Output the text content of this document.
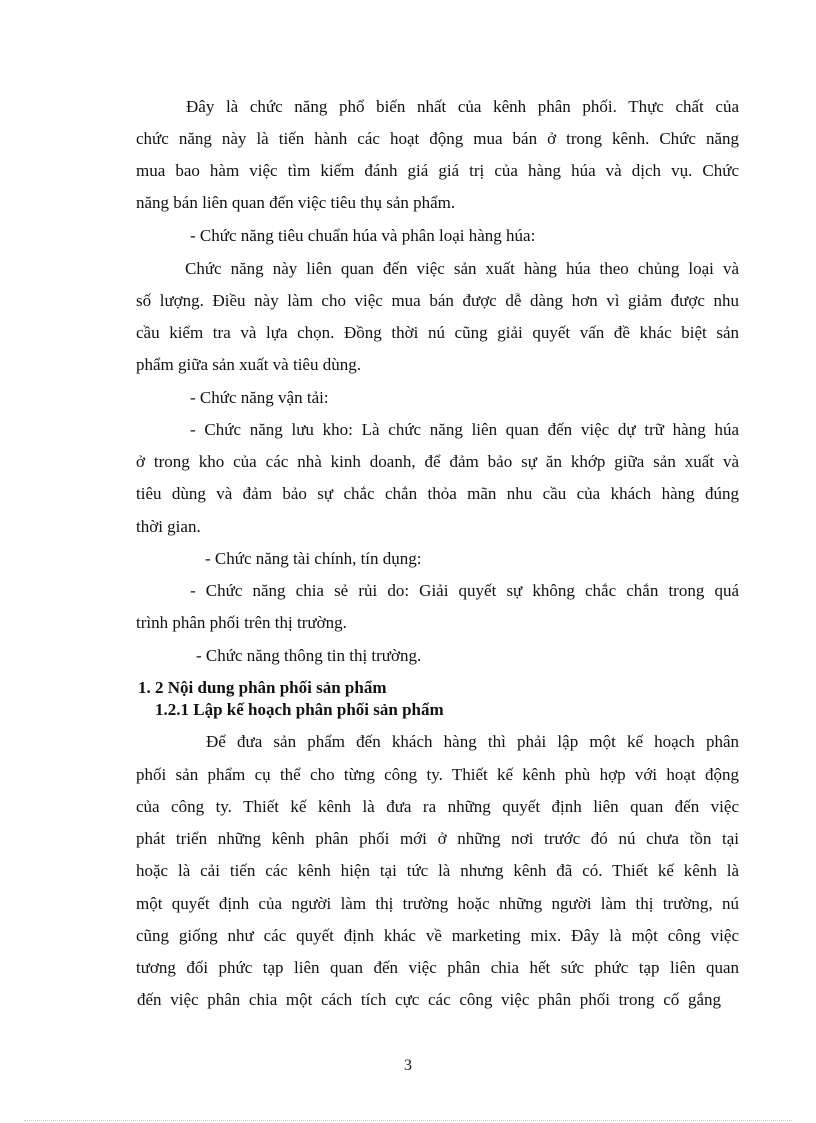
Đây là chức năng phổ biến nhất của kênh phân phối. Thực chất của
chức năng này là tiến hành các hoạt động mua bán ở trong kênh. Chức năng
mua bao hàm việc tìm kiếm đánh giá giá trị của hàng húa và dịch vụ. Chức
năng bán liên quan đến việc tiêu thụ sản phẩm.
- Chức năng tiêu chuẩn húa và phân loại hàng húa:
Chức năng này liên quan đến việc sản xuất hàng húa theo chủng loại và
số lượng. Điều này làm cho việc mua bán được dễ dàng hơn vì giảm được nhu
cầu kiểm tra và lựa chọn. Đồng thời nú cũng giải quyết vấn đề khác biệt sản
phẩm giữa sản xuất và tiêu dùng.
- Chức năng vận tải:
- Chức năng lưu kho: Là chức năng liên quan đến việc dự trữ hàng húa
ở trong kho của các nhà kinh doanh, để đảm bảo sự ăn khớp giữa sản xuất và
tiêu dùng và đảm bảo sự chắc chắn thỏa mãn nhu cầu của khách hàng đúng
thời gian.
- Chức năng tài chính, tín dụng:
- Chức năng chia sẻ rủi do: Giải quyết sự không chắc chắn trong quá
trình phân phối trên thị trường.
- Chức năng thông tin thị trường.
1. 2 Nội dung phân phối sản phẩm
1.2.1 Lập kế hoạch phân phối sản phẩm
Để đưa sản phẩm đến khách hàng thì phải lập một kế hoạch phân
phối sản phẩm cụ thể cho từng công ty. Thiết kế kênh phù hợp với hoạt động
của công ty. Thiết kế kênh là đưa ra những quyết định liên quan đến việc
phát triển những kênh phân phối mới ở những nơi trước đó nú chưa tồn tại
hoặc là cải tiến các kênh hiện tại tức là nhưng kênh đã có. Thiết kế kênh là
một quyết định của người làm thị trường hoặc những người làm thị trường, nú
cũng giống như các quyết định khác về marketing mix. Đây là một công việc
tương đối phức tạp liên quan đến việc phân chia hết sức phức tạp liên quan
đến việc phân chia một cách tích cực các công việc phân phối trong cố gắng
3
